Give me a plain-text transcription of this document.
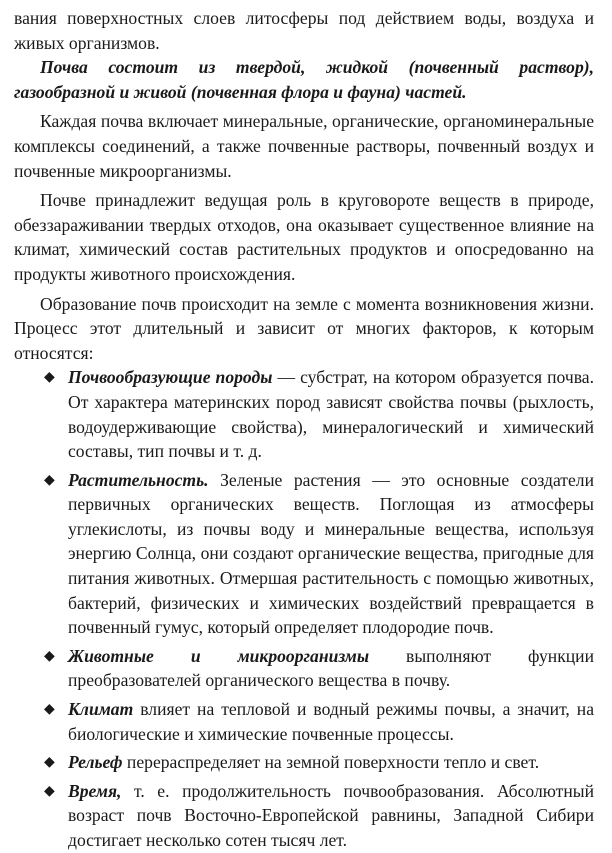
вания поверхностных слоев литосферы под действием воды, воздуха и живых организмов.

Почва состоит из твердой, жидкой (почвенный раствор), газообразной и живой (почвенная флора и фауна) частей.

Каждая почва включает минеральные, органические, органоминеральные комплексы соединений, а также почвенные растворы, почвенный воздух и почвенные микроорганизмы.

Почве принадлежит ведущая роль в круговороте веществ в природе, обеззараживании твердых отходов, она оказывает существенное влияние на климат, химический состав растительных продуктов и опосредованно на продукты животного происхождения.

Образование почв происходит на земле с момента возникновения жизни. Процесс этот длительный и зависит от многих факторов, к которым относятся:

◆ Почвообразующие породы — субстрат, на котором образуется почва. От характера материнских пород зависят свойства почвы (рыхлость, водоудерживающие свойства), минералогический и химический составы, тип почвы и т. д.
◆ Растительность. Зеленые растения — это основные создатели первичных органических веществ. Поглощая из атмосферы углекислоты, из почвы воду и минеральные вещества, используя энергию Солнца, они создают органические вещества, пригодные для питания животных. Отмершая растительность с помощью животных, бактерий, физических и химических воздействий превращается в почвенный гумус, который определяет плодородие почв.
◆ Животные и микроорганизмы выполняют функции преобразователей органического вещества в почву.
◆ Климат влияет на тепловой и водный режимы почвы, а значит, на биологические и химические почвенные процессы.
◆ Рельеф перераспределяет на земной поверхности тепло и свет.
◆ Время, т. е. продолжительность почвообразования. Абсолютный возраст почв Восточно-Европейской равнины, Западной Сибири достигает несколько сотен тысяч лет.
